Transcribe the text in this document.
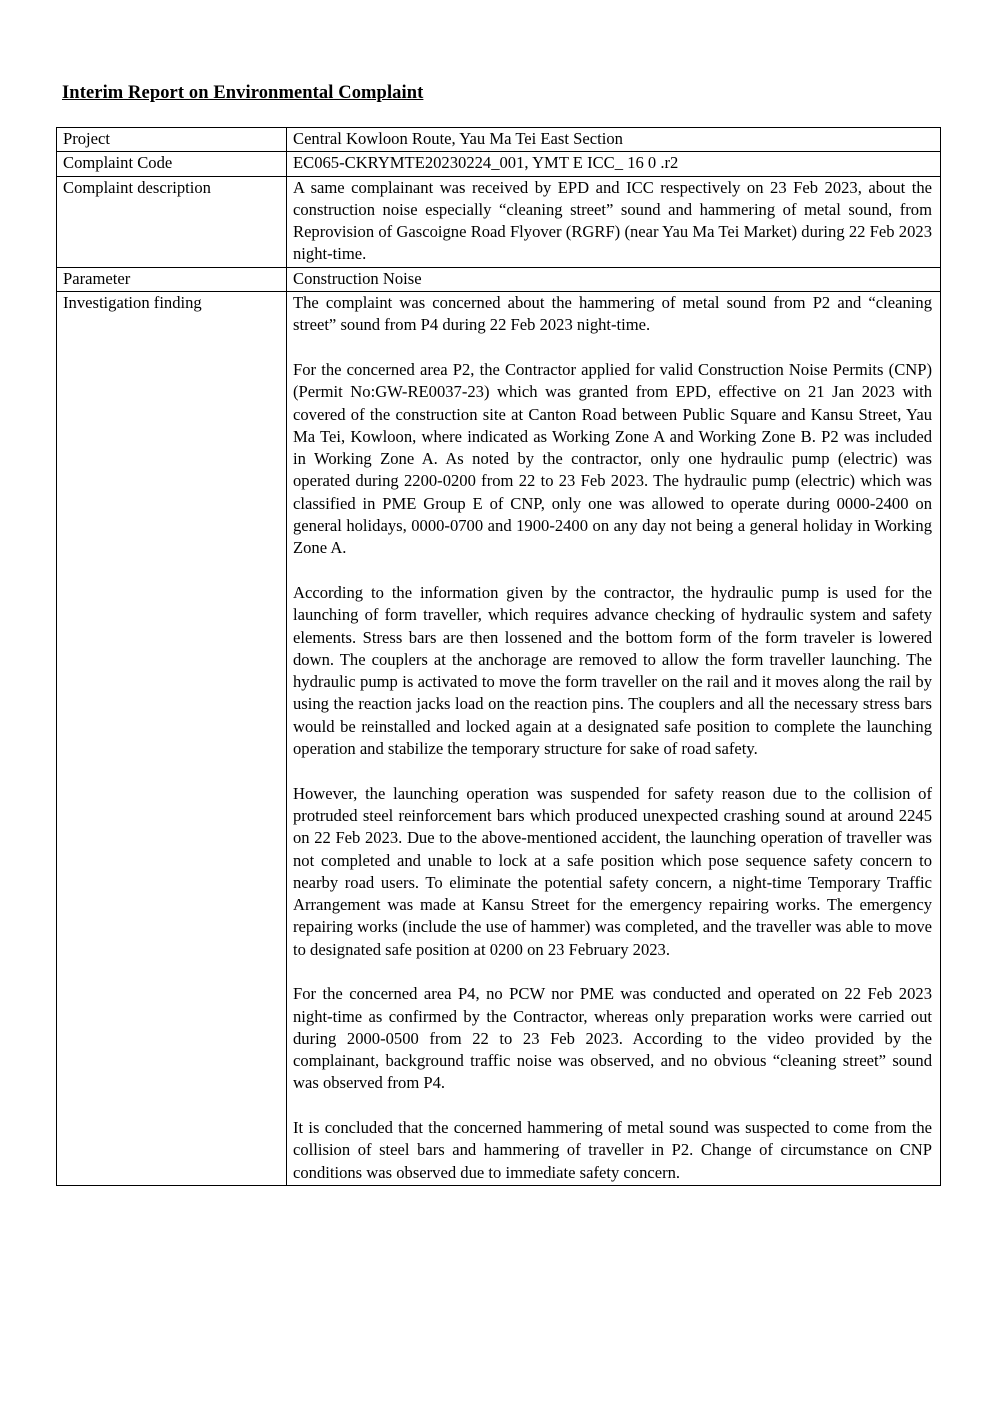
Interim Report on Environmental Complaint
Project	Central Kowloon Route, Yau Ma Tei East Section

Complaint Code	EC065-CKRYMTE20230224_001, YMT E ICC_ 16 0 .r2

Complaint description	A same complainant was received by EPD and ICC respectively on 23 Feb 2023, about the construction noise especially “cleaning street” sound and hammering of metal sound, from Reprovision of Gascoigne Road Flyover (RGRF) (near Yau Ma Tei Market) during 22 Feb 2023 night-time.

Parameter	Construction Noise

Investigation finding	The complaint was concerned about the hammering of metal sound from P2 and “cleaning street” sound from P4 during 22 Feb 2023 night-time.

For the concerned area P2, the Contractor applied for valid Construction Noise Permits (CNP) (Permit No:GW-RE0037-23) which was granted from EPD, effective on 21 Jan 2023 with covered of the construction site at Canton Road between Public Square and Kansu Street, Yau Ma Tei, Kowloon, where indicated as Working Zone A and Working Zone B. P2 was included in Working Zone A. As noted by the contractor, only one hydraulic pump (electric) was operated during 2200-0200 from 22 to 23 Feb 2023. The hydraulic pump (electric) which was classified in PME Group E of CNP, only one was allowed to operate during 0000-2400 on general holidays, 0000-0700 and 1900-2400 on any day not being a general holiday in Working Zone A.

According to the information given by the contractor, the hydraulic pump is used for the launching of form traveller, which requires advance checking of hydraulic system and safety elements. Stress bars are then lossened and the bottom form of the form traveler is lowered down. The couplers at the anchorage are removed to allow the form traveller launching. The hydraulic pump is activated to move the form traveller on the rail and it moves along the rail by using the reaction jacks load on the reaction pins. The couplers and all the necessary stress bars would be reinstalled and locked again at a designated safe position to complete the launching operation and stabilize the temporary structure for sake of road safety.

However, the launching operation was suspended for safety reason due to the collision of protruded steel reinforcement bars which produced unexpected crashing sound at around 2245 on 22 Feb 2023. Due to the above-mentioned accident, the launching operation of traveller was not completed and unable to lock at a safe position which pose sequence safety concern to nearby road users. To eliminate the potential safety concern, a night-time Temporary Traffic Arrangement was made at Kansu Street for the emergency repairing works. The emergency repairing works (include the use of hammer) was completed, and the traveller was able to move to designated safe position at 0200 on 23 February 2023.

For the concerned area P4, no PCW nor PME was conducted and operated on 22 Feb 2023 night-time as confirmed by the Contractor, whereas only preparation works were carried out during 2000-0500 from 22 to 23 Feb 2023. According to the video provided by the complainant, background traffic noise was observed, and no obvious “cleaning street” sound was observed from P4.

It is concluded that the concerned hammering of metal sound was suspected to come from the collision of steel bars and hammering of traveller in P2. Change of circumstance on CNP conditions was observed due to immediate safety concern.
